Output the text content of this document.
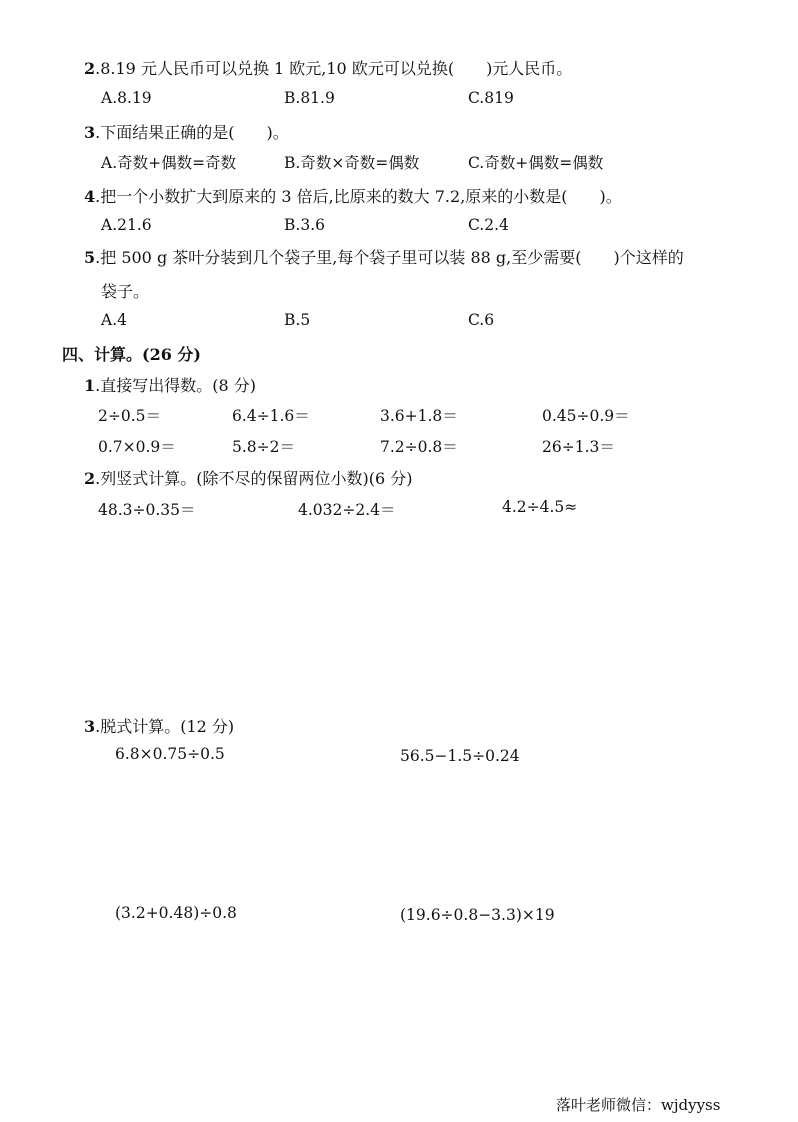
2.8.19 元人民币可以兑换 1 欧元,10 欧元可以兑换(　　)元人民币。
A.8.19	B.81.9	C.819
3.下面结果正确的是(　　)。
A.奇数+偶数=奇数	B.奇数×奇数=偶数	C.奇数+偶数=偶数
4.把一个小数扩大到原来的 3 倍后,比原来的数大 7.2,原来的小数是(　　)。
A.21.6	B.3.6	C.2.4
5.把 500 g 茶叶分装到几个袋子里,每个袋子里可以装 88 g,至少需要(　　)个这样的
袋子。
A.4	B.5	C.6
四、计算。(26 分)
1.直接写出得数。(8 分)
2÷0.5＝	6.4÷1.6＝	3.6+1.8＝	0.45÷0.9＝
0.7×0.9＝	5.8÷2＝	7.2÷0.8＝	26÷1.3＝
2.列竖式计算。(除不尽的保留两位小数)(6 分)
48.3÷0.35＝	4.032÷2.4＝	4.2÷4.5≈
3.脱式计算。(12 分)
6.8×0.75÷0.5	56.5−1.5÷0.24
(3.2+0.48)÷0.8	(19.6÷0.8−3.3)×19
落叶老师微信：wjdyyss
